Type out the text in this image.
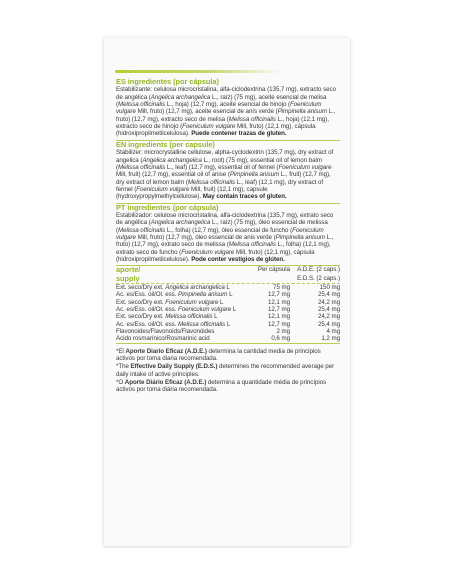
ES ingredientes (por cápsula)

Estabilizante: celulosa microcristalina, alfa-ciclodextrina (135,7 mg), extracto seco de angélica (Angelica archangelica L., raíz) (75 mg), aceite esencial de melisa (Melissa officinalis L., hoja) (12,7 mg), aceite esencial de hinojo (Foeniculum vulgare Mill, fruto) (12,7 mg), aceite esencial de anís verde (Pimpinella anisum L., fruto) (12,7 mg), extracto seco de melisa (Melissa officinalis L., hoja) (12,1 mg), extracto seco de hinojo (Foeniculum vulgare Mill, fruto) (12,1 mg), cápsula (hidroxipropilmetilcelulosa). Puede contener trazas de gluten.

EN ingredients (per capsule)

Stabilizer: microcrystalline cellulose, alpha-cyclodextrin (135,7 mg), dry extract of angelica (Angelica archangelica L., root) (75 mg), essential oil of lemon balm (Melissa officinalis L., leaf) (12,7 mg), essential oil of fennel (Foeniculum vulgare Mill, fruit) (12,7 mg), essential oil of anise (Pimpinella anisum L., fruit) (12,7 mg), dry extract of lemon balm (Melissa officinalis L., leaf) (12,1 mg), dry extract of fennel (Foeniculum vulgare Mill, fruit) (12,1 mg), capsule (hydroxypropylmethylcellulose). May contain traces of gluten.

PT ingredientes (por cápsula)

Estabilizador: celulose microcristalina, alfa-ciclodextrina (135,7 mg), extrato seco de angélica (Angelica archangelica L., raíz) (75 mg), óleo essencial de melissa (Melissa officinalis L., folha) (12,7 mg), óleo essencial de funcho (Foeniculum vulgare Mill, fruto) (12,7 mg), óleo essencial de anis verde (Pimpinella anisum L., fruto) (12,7 mg), extrato seco de melissa (Melissa officinalis L., folha) (12,1 mg), extrato seco de funcho (Foeniculum vulgare Mill, fruto) (12,1 mg), cápsula (hidroxipropilmetilcelulose). Pode conter vestígios de glúten.

aporte/	Per cápsula	A.D.E. (2 caps.)
supply		E.D.S. (2 caps.)
Ext. seco/Dry ext. Angelica archangelica L	75 mg	150 mg
Ac. es/Ess. oil/Ól. ess. Pimpinella anisum L	12,7 mg	25,4 mg
Ext. seco/Dry ext. Foeniculum vulgare L	12,1 mg	24,2 mg
Ac. es/Ess. oil/Ól. ess. Foeniculum vulgare L	12,7 mg	25,4 mg
Ext. seco/Dry ext. Melissa officinalis L	12,1 mg	24,2 mg
Ac. es/Ess. oil/Ól. ess. Melissa officinalis L	12,7 mg	25,4 mg
Flavonoides/Flavonoids/Flavonóides	2 mg	4 mg
Ácido rosmarínico/Rosmarinic acid	0,6 mg	1,2 mg

*El Aporte Diario Eficaz (A.D.E.) determina la cantidad media de principios activos por toma diaria recomendada.

*The Effective Daily Supply (E.D.S.) determines the recommended average per daily intake of active principles.

*O Aporte Diário Eficaz (A.D.E.) determina a quantidade média de princípios activos por toma diária recomendada.
